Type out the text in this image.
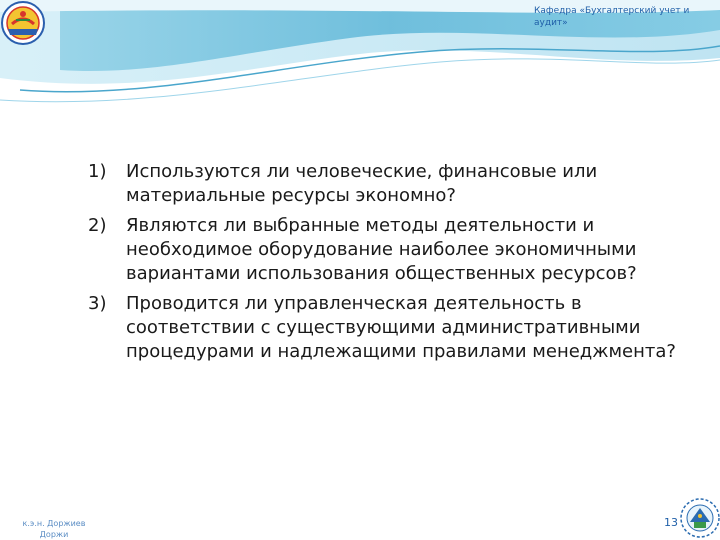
Кафедра «Бухгалтерский учет и аудит»
1)	Используются ли человеческие, финансовые или материальные ресурсы экономно?
2)	Являются ли выбранные методы деятельности и необходимое оборудование наиболее экономичными вариантами использования общественных ресурсов?
3)	Проводится ли управленческая деятельность в соответствии с существующими административными процедурами и надлежащими правилами менеджмента?
к.э.н. Доржиев Доржи
13
